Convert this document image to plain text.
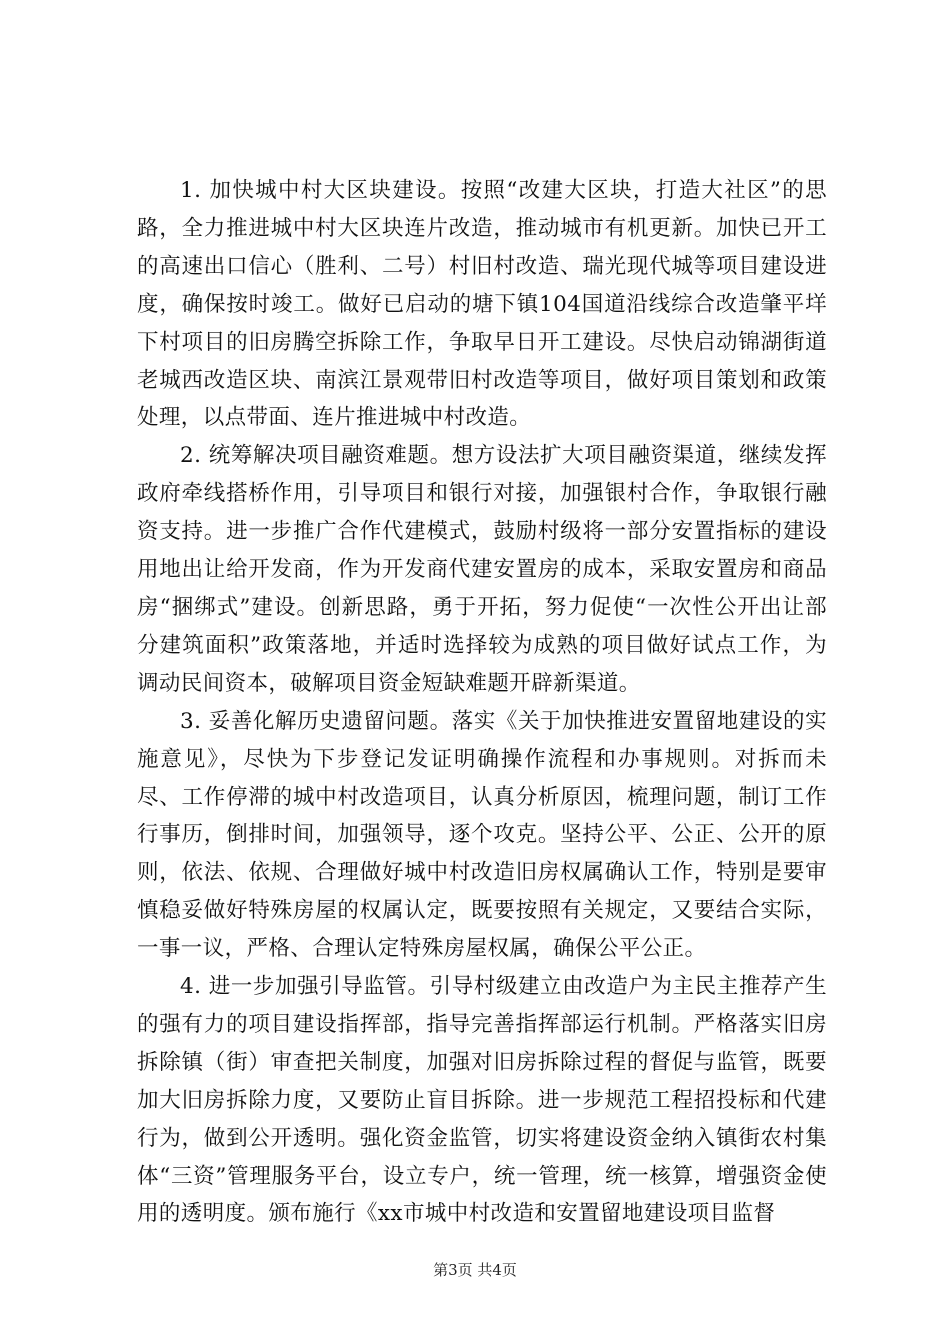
1. 加快城中村大区块建设。按照“改建大区块，打造大社区”的思路，全力推进城中村大区块连片改造，推动城市有机更新。加快已开工的高速出口信心（胜利、二号）村旧村改造、瑞光现代城等项目建设进度，确保按时竣工。做好已启动的塘下镇104国道沿线综合改造肇平垟下村项目的旧房腾空拆除工作，争取早日开工建设。尽快启动锦湖街道老城西改造区块、南滨江景观带旧村改造等项目，做好项目策划和政策处理，以点带面、连片推进城中村改造。

2. 统筹解决项目融资难题。想方设法扩大项目融资渠道，继续发挥政府牵线搭桥作用，引导项目和银行对接，加强银村合作，争取银行融资支持。进一步推广合作代建模式，鼓励村级将一部分安置指标的建设用地出让给开发商，作为开发商代建安置房的成本，采取安置房和商品房“捆绑式”建设。创新思路，勇于开拓，努力促使“一次性公开出让部分建筑面积”政策落地，并适时选择较为成熟的项目做好试点工作，为调动民间资本，破解项目资金短缺难题开辟新渠道。

3. 妥善化解历史遗留问题。落实《关于加快推进安置留地建设的实施意见》，尽快为下步登记发证明确操作流程和办事规则。对拆而未尽、工作停滞的城中村改造项目，认真分析原因，梳理问题，制订工作行事历，倒排时间，加强领导，逐个攻克。坚持公平、公正、公开的原则，依法、依规、合理做好城中村改造旧房权属确认工作，特别是要审慎稳妥做好特殊房屋的权属认定，既要按照有关规定，又要结合实际，一事一议，严格、合理认定特殊房屋权属，确保公平公正。

4. 进一步加强引导监管。引导村级建立由改造户为主民主推荐产生的强有力的项目建设指挥部，指导完善指挥部运行机制。严格落实旧房拆除镇（街）审查把关制度，加强对旧房拆除过程的督促与监管，既要加大旧房拆除力度，又要防止盲目拆除。进一步规范工程招投标和代建行为，做到公开透明。强化资金监管，切实将建设资金纳入镇街农村集体“三资”管理服务平台，设立专户，统一管理，统一核算，增强资金使用的透明度。颁布施行《xx市城中村改造和安置留地建设项目监督

第3页 共4页
